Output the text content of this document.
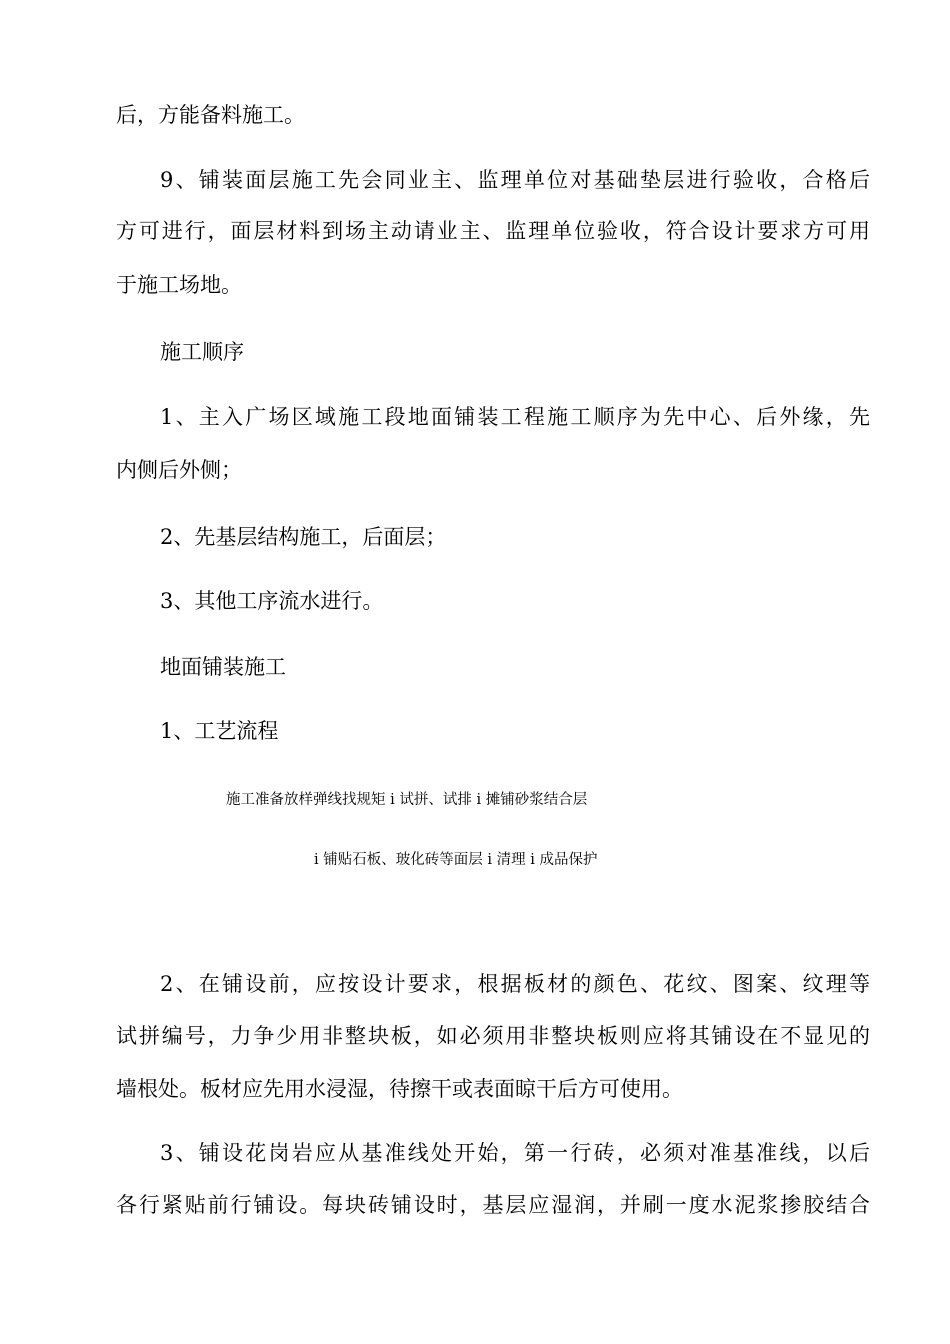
后，方能备料施工。
9、铺装面层施工先会同业主、监理单位对基础垫层进行验收，合格后
方可进行，面层材料到场主动请业主、监理单位验收，符合设计要求方可用
于施工场地。
施工顺序
1、主入广场区域施工段地面铺装工程施工顺序为先中心、后外缘，先
内侧后外侧；
2、先基层结构施工，后面层；
3、其他工序流水进行。
地面铺装施工
1、工艺流程
施工准备放样弹线找规矩 i 试拼、试排 i 摊铺砂浆结合层
i 铺贴石板、玻化砖等面层 i 清理 i 成品保护
2、在铺设前，应按设计要求，根据板材的颜色、花纹、图案、纹理等
试拼编号，力争少用非整块板，如必须用非整块板则应将其铺设在不显见的
墙根处。板材应先用水浸湿，待擦干或表面晾干后方可使用。
3、铺设花岗岩应从基准线处开始，第一行砖，必须对准基准线，以后
各行紧贴前行铺设。每块砖铺设时，基层应湿润，并刷一度水泥浆掺胶结合
